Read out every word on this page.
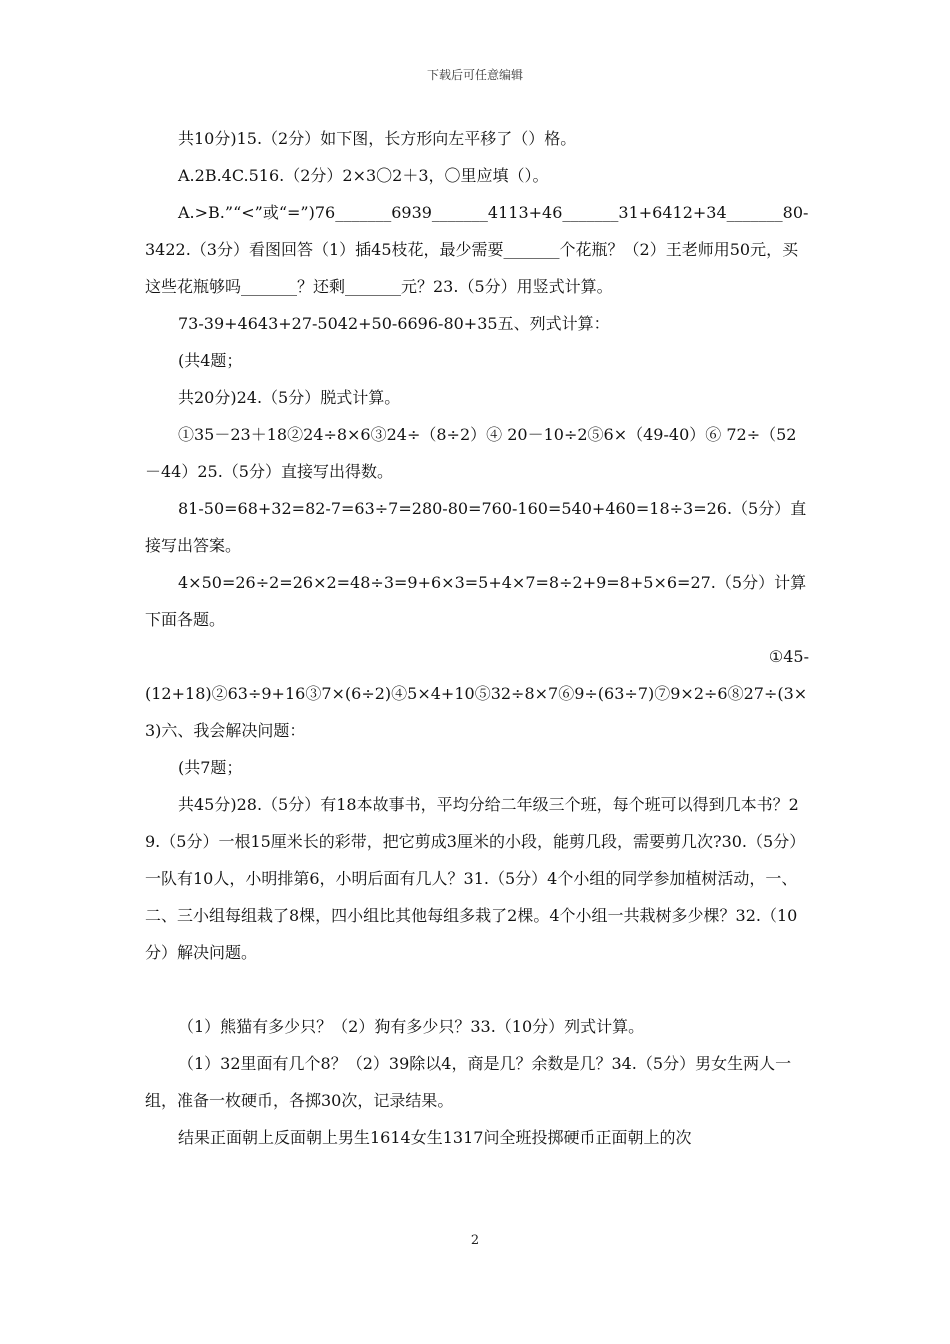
下载后可任意编辑

共10分)15.（2分）如下图，长方形向左平移了（）格。

A.2B.4C.516.（2分）2×3〇2＋3，〇里应填（）。

A.>B.”“<”或“=”)76_______6939_______4113+46_______31+6412+34_______80-3422.（3分）看图回答（1）插45枝花，最少需要_______个花瓶？（2）王老师用50元，买这些花瓶够吗_______？还剩_______元？23.（5分）用竖式计算。

73-39+4643+27-5042+50-6696-80+35五、列式计算：

(共4题；

共20分)24.（5分）脱式计算。

①35－23＋18②24÷8×6③24÷（8÷2）④ 20－10÷2⑤6×（49-40）⑥ 72÷（52－44）25.（5分）直接写出得数。

81-50=68+32=82-7=63÷7=280-80=760-160=540+460=18÷3=26.（5分）直接写出答案。

4×50=26÷2=26×2=48÷3=9+6×3=5+4×7=8÷2+9=8+5×6=27.（5分）计算下面各题。

①45-

(12+18)②63÷9+16③7×(6÷2)④5×4+10⑤32÷8×7⑥9÷(63÷7)⑦9×2÷6⑧27÷(3×3)六、我会解决问题：

(共7题；

共45分)28.（5分）有18本故事书，平均分给二年级三个班，每个班可以得到几本书？29.（5分）一根15厘米长的彩带，把它剪成3厘米的小段，能剪几段，需要剪几次?30.（5分）一队有10人，小明排第6，小明后面有几人？31.（5分）4个小组的同学参加植树活动，一、二、三小组每组栽了8棵，四小组比其他每组多栽了2棵。4个小组一共栽树多少棵？32.（10分）解决问题。

（1）熊猫有多少只？（2）狗有多少只？33.（10分）列式计算。

（1）32里面有几个8？（2）39除以4，商是几？余数是几？34.（5分）男女生两人一组，准备一枚硬币，各掷30次，记录结果。

结果正面朝上反面朝上男生1614女生1317问全班投掷硬币正面朝上的次

2
